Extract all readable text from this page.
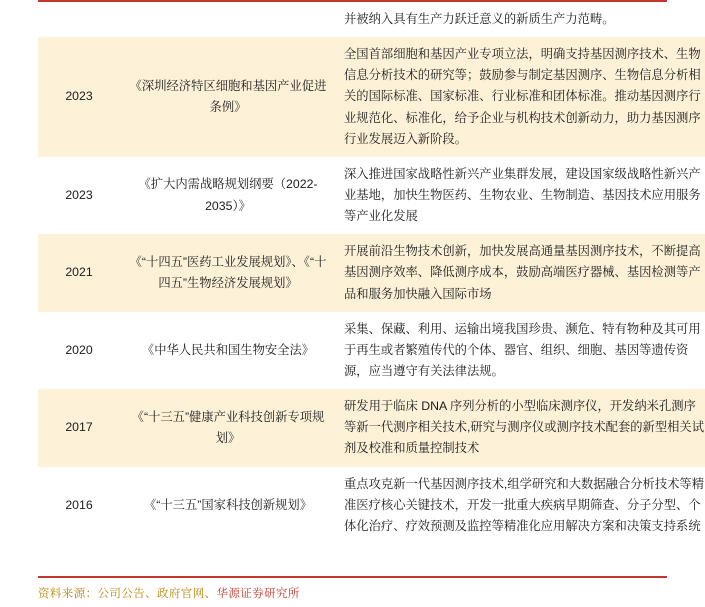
		并被纳入具有生产力跃迁意义的新质生产力范畴。
2023	《深圳经济特区细胞和基因产业促进条例》	全国首部细胞和基因产业专项立法，明确支持基因测序技术、生物信息分析技术的研究等；鼓励参与制定基因测序、生物信息分析相关的国际标准、国家标准、行业标准和团体标准。推动基因测序行业规范化、标准化，给予企业与机构技术创新动力，助力基因测序行业发展迈入新阶段。
2023	《扩大内需战略规划纲要（2022-2035）》	深入推进国家战略性新兴产业集群发展，建设国家级战略性新兴产业基地，加快生物医药、生物农业、生物制造、基因技术应用服务等产业化发展
2021	《“十四五”医药工业发展规划》、《“十四五”生物经济发展规划》	开展前沿生物技术创新，加快发展高通量基因测序技术，不断提高基因测序效率、降低测序成本，鼓励高端医疗器械、基因检测等产品和服务加快融入国际市场
2020	《中华人民共和国生物安全法》	采集、保藏、利用、运输出境我国珍贵、濒危、特有物种及其可用于再生或者繁殖传代的个体、器官、组织、细胞、基因等遗传资源，应当遵守有关法律法规。
2017	《“十三五”健康产业科技创新专项规划》	研发用于临床 DNA 序列分析的小型临床测序仪，开发纳米孔测序等新一代测序相关技术,研究与测序仪或测序技术配套的新型相关试剂及校准和质量控制技术
2016	《“十三五”国家科技创新规划》	重点攻克新一代基因测序技术,组学研究和大数据融合分析技术等精准医疗核心关键技术，开发一批重大疾病早期筛查、分子分型、个体化治疗、疗效预测及监控等精准化应用解决方案和决策支持系统
资料来源：公司公告、政府官网、华源证券研究所
